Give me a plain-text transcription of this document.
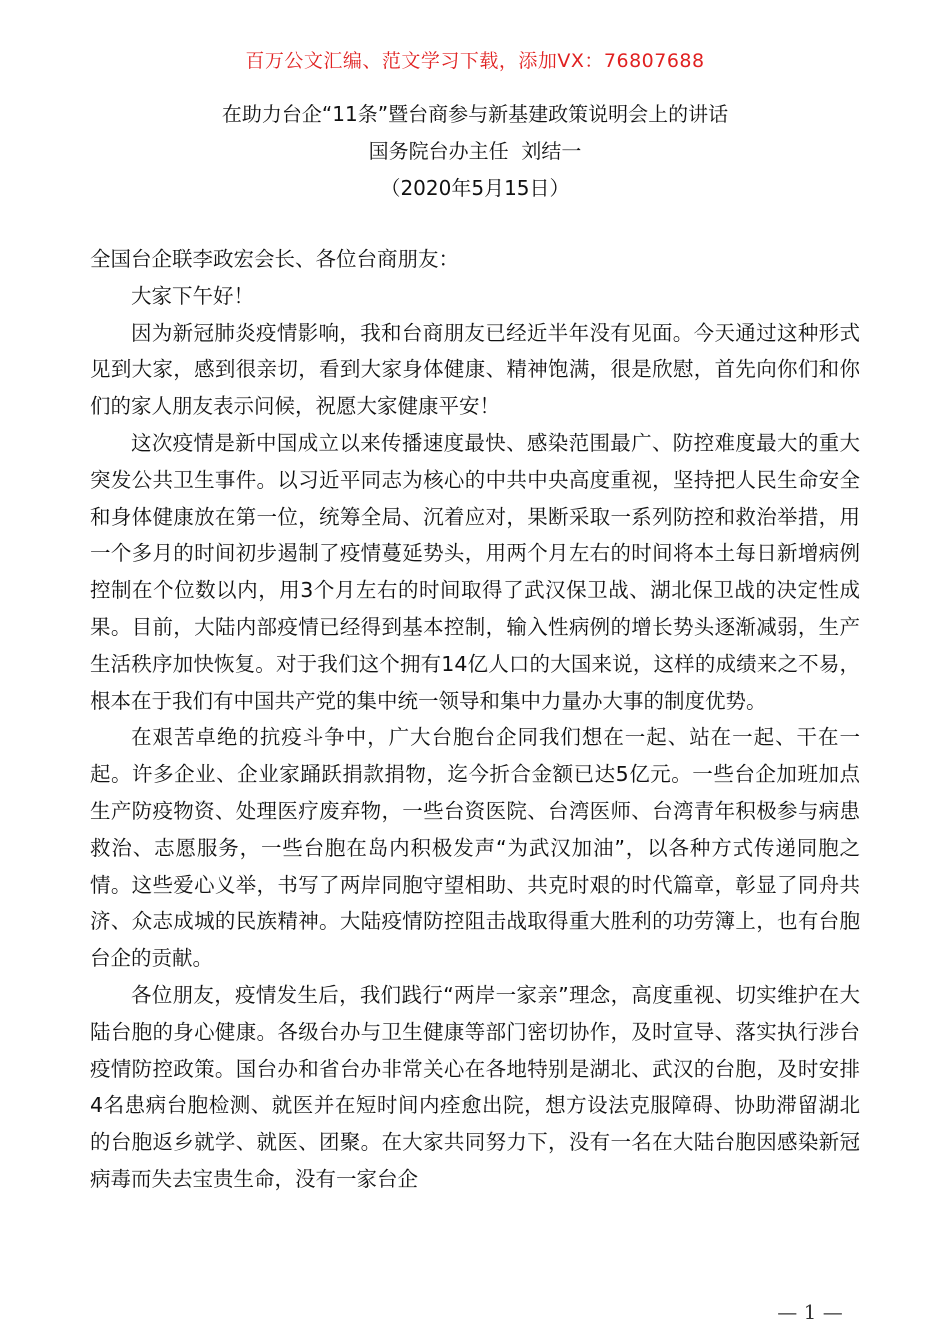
百万公文汇编、范文学习下载，添加VX：76807688
在助力台企“11条”暨台商参与新基建政策说明会上的讲话
国务院台办主任  刘结一
（2020年5月15日）

全国台企联李政宏会长、各位台商朋友：

大家下午好！

因为新冠肺炎疫情影响，我和台商朋友已经近半年没有见面。今天通过这种形式见到大家，感到很亲切，看到大家身体健康、精神饱满，很是欣慰，首先向你们和你们的家人朋友表示问候，祝愿大家健康平安！

这次疫情是新中国成立以来传播速度最快、感染范围最广、防控难度最大的重大突发公共卫生事件。以习近平同志为核心的中共中央高度重视，坚持把人民生命安全和身体健康放在第一位，统筹全局、沉着应对，果断采取一系列防控和救治举措，用一个多月的时间初步遏制了疫情蔓延势头，用两个月左右的时间将本土每日新增病例控制在个位数以内，用3个月左右的时间取得了武汉保卫战、湖北保卫战的决定性成果。目前，大陆内部疫情已经得到基本控制，输入性病例的增长势头逐渐减弱，生产生活秩序加快恢复。对于我们这个拥有14亿人口的大国来说，这样的成绩来之不易，根本在于我们有中国共产党的集中统一领导和集中力量办大事的制度优势。

在艰苦卓绝的抗疫斗争中，广大台胞台企同我们想在一起、站在一起、干在一起。许多企业、企业家踊跃捐款捐物，迄今折合金额已达5亿元。一些台企加班加点生产防疫物资、处理医疗废弃物，一些台资医院、台湾医师、台湾青年积极参与病患救治、志愿服务，一些台胞在岛内积极发声“为武汉加油”，以各种方式传递同胞之情。这些爱心义举，书写了两岸同胞守望相助、共克时艰的时代篇章，彰显了同舟共济、众志成城的民族精神。大陆疫情防控阻击战取得重大胜利的功劳簿上，也有台胞台企的贡献。

各位朋友，疫情发生后，我们践行“两岸一家亲”理念，高度重视、切实维护在大陆台胞的身心健康。各级台办与卫生健康等部门密切协作，及时宣导、落实执行涉台疫情防控政策。国台办和省台办非常关心在各地特别是湖北、武汉的台胞，及时安排4名患病台胞检测、就医并在短时间内痊愈出院，想方设法克服障碍、协助滞留湖北的台胞返乡就学、就医、团聚。在大家共同努力下，没有一名在大陆台胞因感染新冠病毒而失去宝贵生命，没有一家台企

— 1 —
